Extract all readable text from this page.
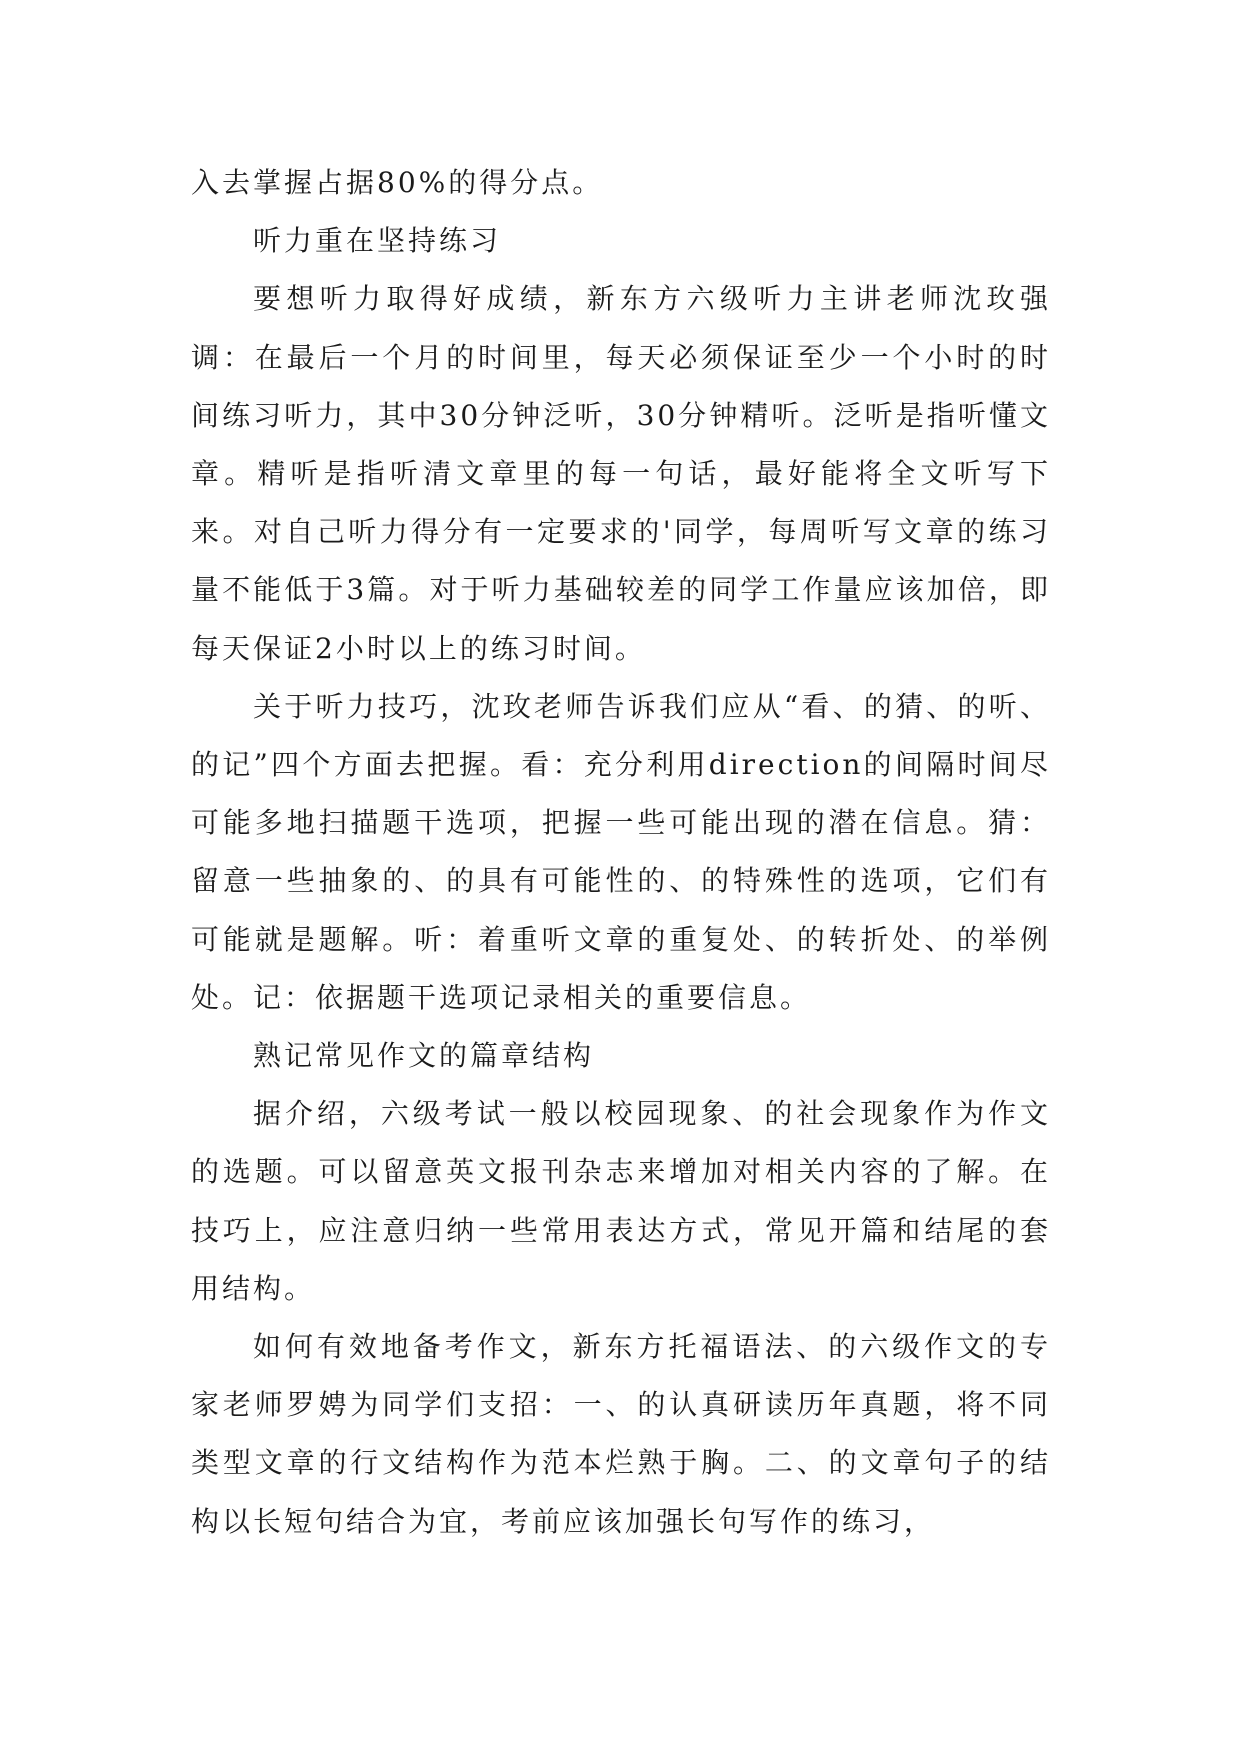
入去掌握占据80%的得分点。

听力重在坚持练习

要想听力取得好成绩，新东方六级听力主讲老师沈玫强调：在最后一个月的时间里，每天必须保证至少一个小时的时间练习听力，其中30分钟泛听，30分钟精听。泛听是指听懂文章。精听是指听清文章里的每一句话，最好能将全文听写下来。对自己听力得分有一定要求的'同学，每周听写文章的练习量不能低于3篇。对于听力基础较差的同学工作量应该加倍，即每天保证2小时以上的练习时间。

关于听力技巧，沈玫老师告诉我们应从“看、的猜、的听、的记”四个方面去把握。看：充分利用direction的间隔时间尽可能多地扫描题干选项，把握一些可能出现的潜在信息。猜：留意一些抽象的、的具有可能性的、的特殊性的选项，它们有可能就是题解。听：着重听文章的重复处、的转折处、的举例处。记：依据题干选项记录相关的重要信息。

熟记常见作文的篇章结构

据介绍，六级考试一般以校园现象、的社会现象作为作文的选题。可以留意英文报刊杂志来增加对相关内容的了解。在技巧上，应注意归纳一些常用表达方式，常见开篇和结尾的套用结构。

如何有效地备考作文，新东方托福语法、的六级作文的专家老师罗娉为同学们支招：一、的认真研读历年真题，将不同类型文章的行文结构作为范本烂熟于胸。二、的文章句子的结构以长短句结合为宜，考前应该加强长句写作的练习，
